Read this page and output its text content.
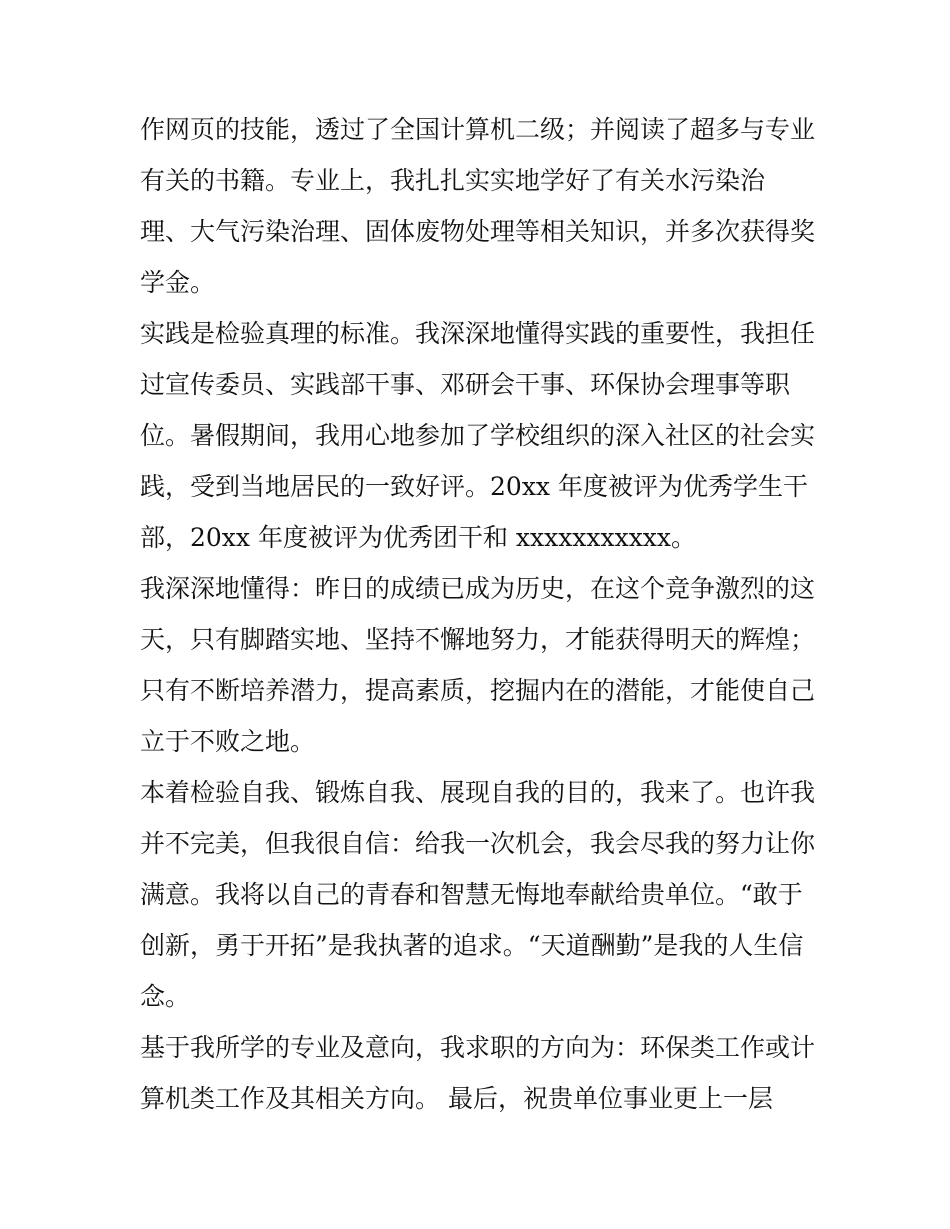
作网页的技能，透过了全国计算机二级；并阅读了超多与专业
有关的书籍。专业上，我扎扎实实地学好了有关水污染治
理、大气污染治理、固体废物处理等相关知识，并多次获得奖
学金。
实践是检验真理的标准。我深深地懂得实践的重要性，我担任
过宣传委员、实践部干事、邓研会干事、环保协会理事等职
位。暑假期间，我用心地参加了学校组织的深入社区的社会实
践，受到当地居民的一致好评。20xx 年度被评为优秀学生干
部，20xx 年度被评为优秀团干和 xxxxxxxxxxx。
我深深地懂得：昨日的成绩已成为历史，在这个竞争激烈的这
天，只有脚踏实地、坚持不懈地努力，才能获得明天的辉煌；
只有不断培养潜力，提高素质，挖掘内在的潜能，才能使自己
立于不败之地。
本着检验自我、锻炼自我、展现自我的目的，我来了。也许我
并不完美，但我很自信：给我一次机会，我会尽我的努力让你
满意。我将以自己的青春和智慧无悔地奉献给贵单位。“敢于
创新，勇于开拓”是我执著的追求。“天道酬勤”是我的人生信
念。
基于我所学的专业及意向，我求职的方向为：环保类工作或计
算机类工作及其相关方向。 最后，祝贵单位事业更上一层
